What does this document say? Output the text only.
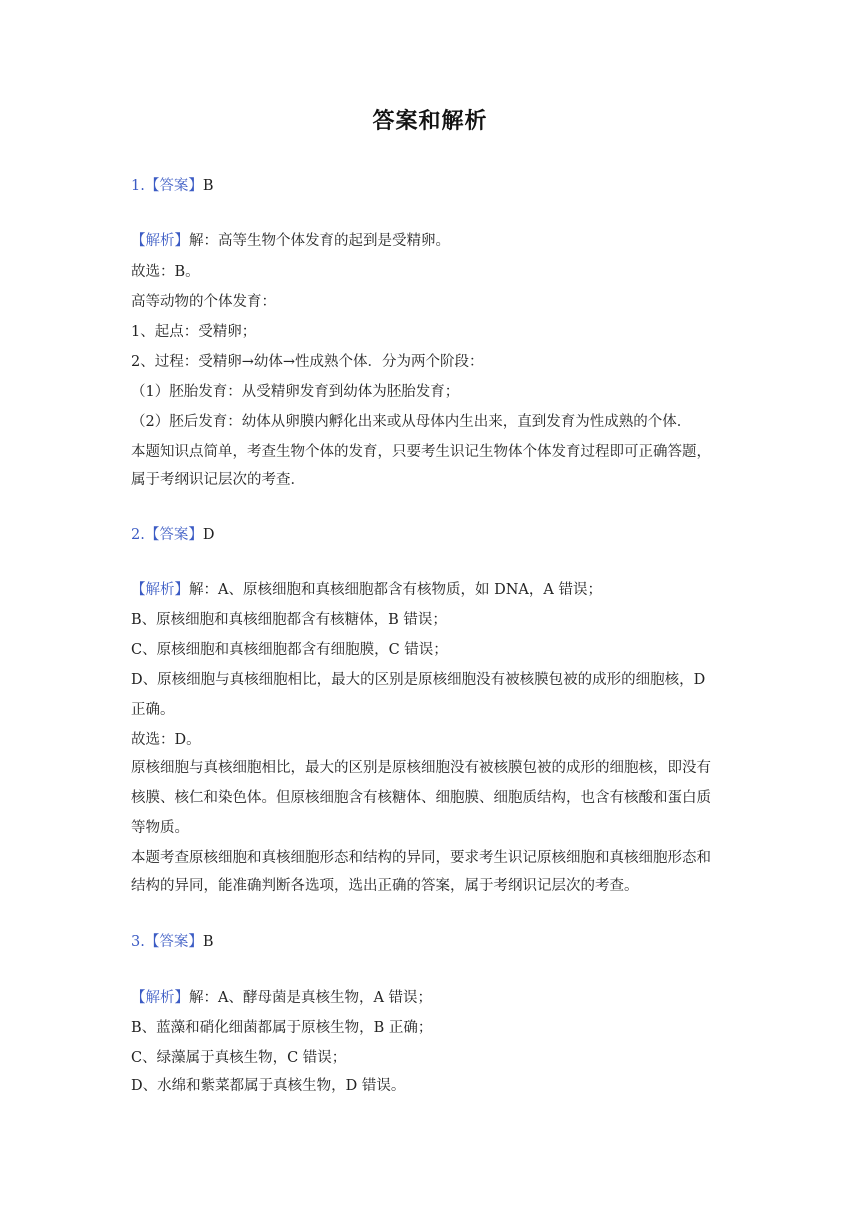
答案和解析
1.【答案】B
【解析】解：高等生物个体发育的起到是受精卵。
故选：B。
高等动物的个体发育：
1、起点：受精卵；
2、过程：受精卵→幼体→性成熟个体．分为两个阶段：
（1）胚胎发育：从受精卵发育到幼体为胚胎发育；
（2）胚后发育：幼体从卵膜内孵化出来或从母体内生出来，直到发育为性成熟的个体．
本题知识点简单，考查生物个体的发育，只要考生识记生物体个体发育过程即可正确答题，
属于考纲识记层次的考查．
2.【答案】D
【解析】解：A、原核细胞和真核细胞都含有核物质，如 DNA，A 错误；
B、原核细胞和真核细胞都含有核糖体，B 错误；
C、原核细胞和真核细胞都含有细胞膜，C 错误；
D、原核细胞与真核细胞相比，最大的区别是原核细胞没有被核膜包被的成形的细胞核，D
正确。
故选：D。
原核细胞与真核细胞相比，最大的区别是原核细胞没有被核膜包被的成形的细胞核，即没有
核膜、核仁和染色体。但原核细胞含有核糖体、细胞膜、细胞质结构，也含有核酸和蛋白质
等物质。
本题考查原核细胞和真核细胞形态和结构的异同，要求考生识记原核细胞和真核细胞形态和
结构的异同，能准确判断各选项，选出正确的答案，属于考纲识记层次的考查。
3.【答案】B
【解析】解：A、酵母菌是真核生物，A 错误；
B、蓝藻和硝化细菌都属于原核生物，B 正确；
C、绿藻属于真核生物，C 错误；
D、水绵和紫菜都属于真核生物，D 错误。
